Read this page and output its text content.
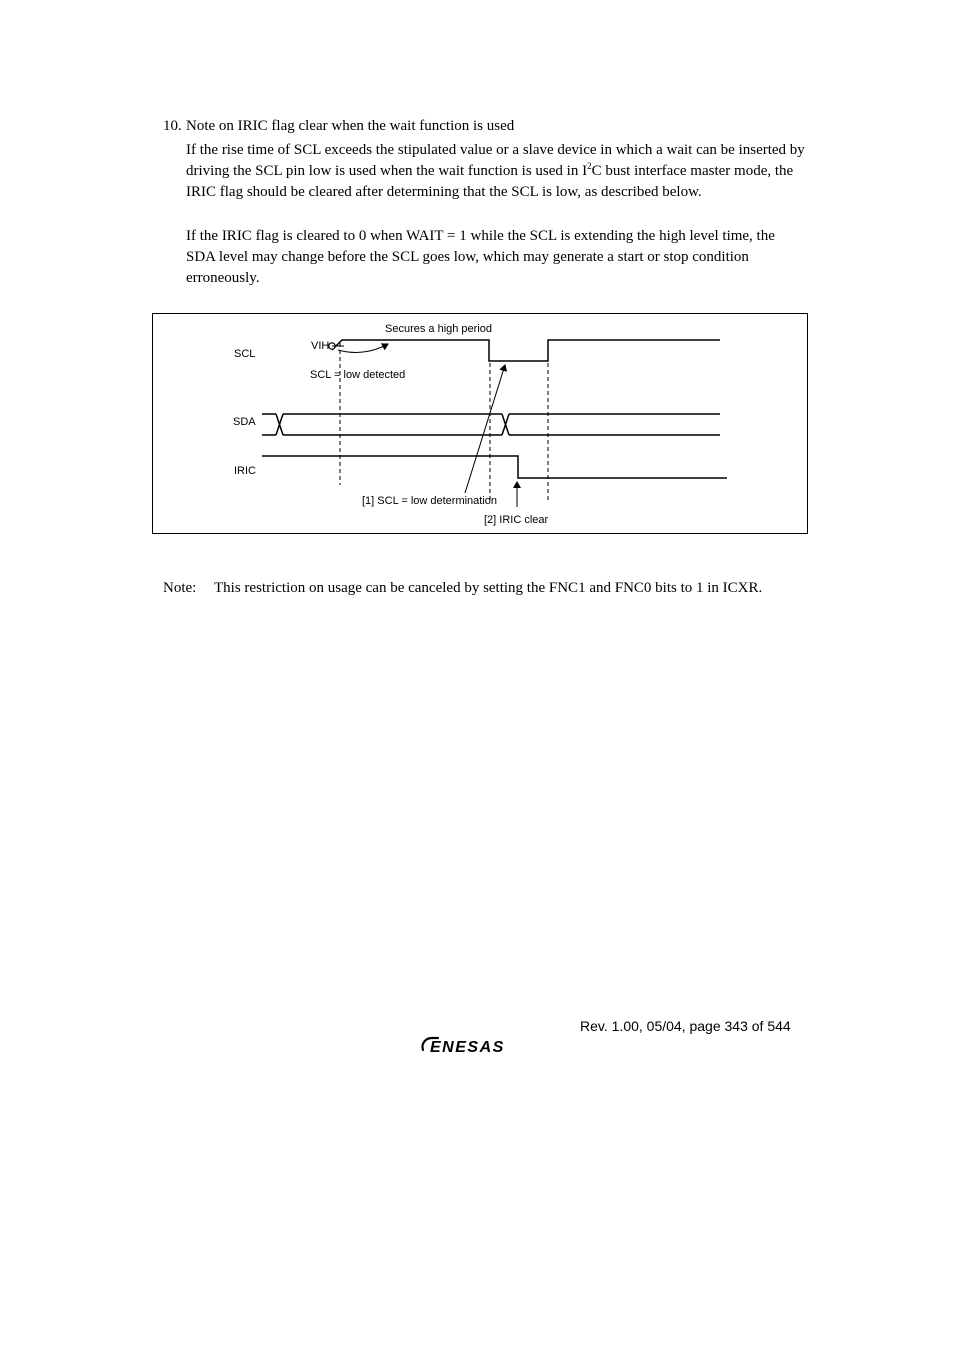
10. Note on IRIC flag clear when the wait function is used

If the rise time of SCL exceeds the stipulated value or a slave device in which a wait can be inserted by driving the SCL pin low is used when the wait function is used in $I^2C$ bust interface master mode, the IRIC flag should be cleared after determining that the SCL is low, as described below.

If the IRIC flag is cleared to 0 when WAIT = 1 while the SCL is extending the high level time, the SDA level may change before the SCL goes low, which may generate a start or stop condition erroneously.

SCL
SDA
IRIC
VIH
Secures a high period
SCL = low detected
[1] SCL = low determination
[2] IRIC clear
Note: This restriction on usage can be canceled by setting the FNC1 and FNC0 bits to 1 in ICXR.
Rev. 1.00, 05/04, page 343 of 544
ENESAS
